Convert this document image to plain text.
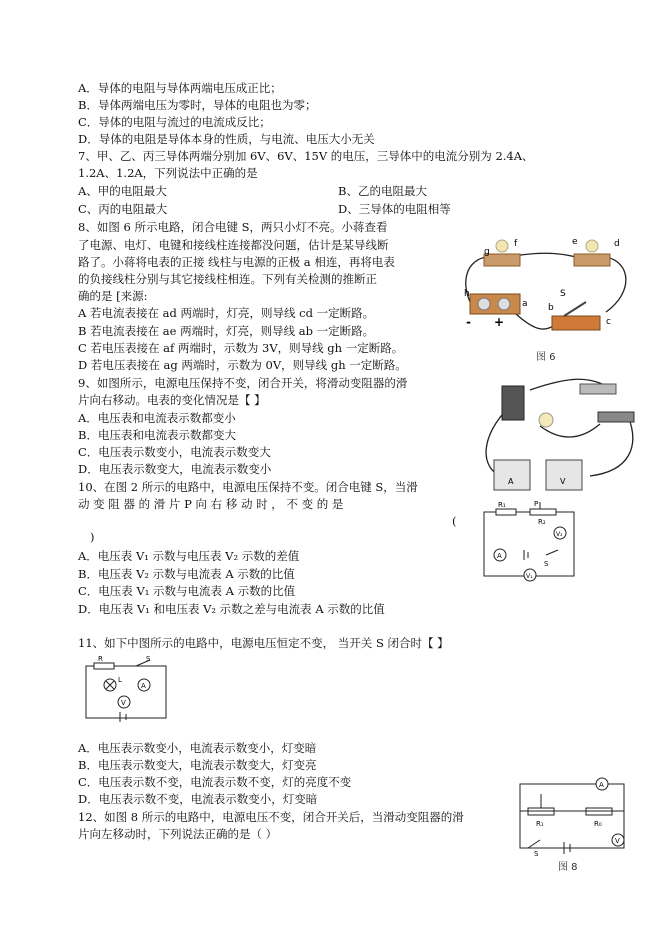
A．导体的电阻与导体两端电压成正比；
B．导体两端电压为零时，导体的电阻也为零；
C．导体的电阻与流过的电流成反比；
D．导体的电阻是导体本身的性质，与电流、电压大小无关
7、甲、乙、丙三导体两端分别加 6V、6V、15V 的电压，三导体中的电流分别为 2.4A、
1.2A、1.2A，下列说法中正确的是
A、甲的电阻最大	B、乙的电阻最大
C、丙的电阻最大	D、三导体的电阻相等
8、如图 6 所示电路，闭合电键 S，两只小灯不亮。小蒋查看
了电源、电灯、电键和接线柱连接都没问题，估计是某导线断
路了。小蒋将电表的正接 线柱与电源的正极 a 相连，再将电表
的负接线柱分别与其它接线柱相连。下列有关检测的推断正
确的是 [来源:
A 若电流表接在 ad 两端时，灯亮，则导线 cd 一定断路。
B 若电流表接在 ae 两端时，灯亮，则导线 ab 一定断路。
C 若电压表接在 af 两端时，示数为 3V，则导线 gh 一定断路。
D 若电压表接在 ag 两端时，示数为 0V，则导线 gh 一定断路。
9、如图所示，电源电压保持不变，闭合开关，将滑动变阻器的滑
片向右移动。电表的变化情况是【 】
A．电压表和电流表示数都变小
B．电压表和电流表示数都变大
C．电压表示数变小，电流表示数变大
D．电压表示数变大，电流表示数变小
10、在图 2 所示的电路中，电源电压保持不变。闭合电键 S，当滑
动 变 阻 器 的 滑 片 P 向 右 移 动 时 ， 不 变 的 是
(
)
A．电压表 V₁ 示数与电压表 V₂ 示数的差值
B．电压表 V₂ 示数与电流表 A 示数的比值
C．电压表 V₁ 示数与电流表 A 示数的比值
D．电压表 V₁ 和电压表 V₂ 示数之差与电流表 A 示数的比值
11、如下中图所示的电路中，电源电压恒定不变， 当开关 S 闭合时【 】
A．电压表示数变小，电流表示数变小，灯变暗
B．电压表示数变大，电流表示数变大，灯变亮
C．电压表示数不变，电流表示数不变，灯的亮度不变
D．电压表示数不变，电流表示数变小，灯变暗
12、如图 8 所示的电路中，电源电压不变，闭合开关后，当滑动变阻器的滑
片向左移动时，下列说法正确的是（ ）
g
f	e	d
h
a b
c
S
- +
图 6
A	V
R₁	P
R₂
V₂
A
S
V₁
R	S
L
A
V
A
R₁	R₀
S
V
图 8
